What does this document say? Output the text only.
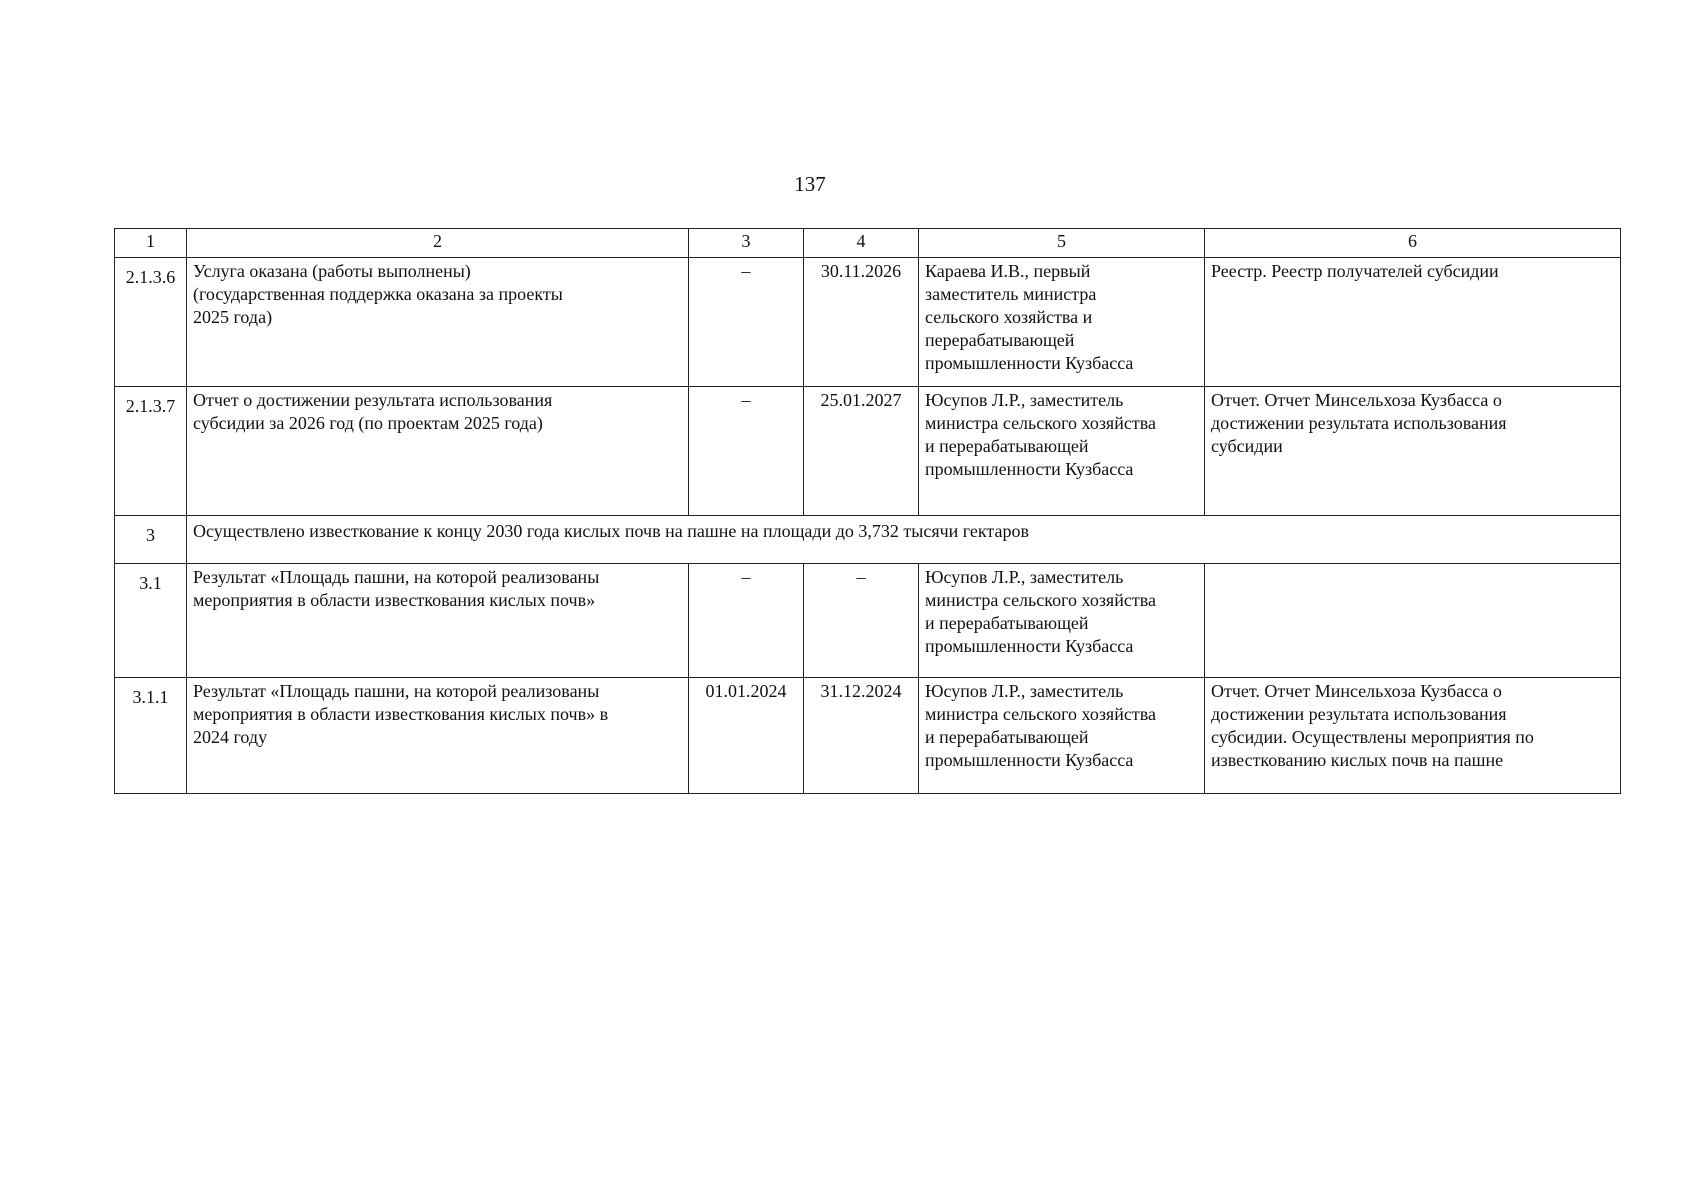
137
1	2	3	4	5	6

2.1.3.6	Услуга оказана (работы выполнены)
(государственная поддержка оказана за проекты
2025 года)	–	30.11.2026	Караева И.В., первый
заместитель министра
сельского хозяйства и
перерабатывающей
промышленности Кузбасса	Реестр. Реестр получателей субсидии

2.1.3.7	Отчет о достижении результата использования
субсидии за 2026 год (по проектам 2025 года)	–	25.01.2027	Юсупов Л.Р., заместитель
министра сельского хозяйства
и перерабатывающей
промышленности Кузбасса	Отчет. Отчет Минсельхоза Кузбасса о
достижении результата использования
субсидии

3	Осуществлено известкование к концу 2030 года кислых почв на пашне на площади до 3,732 тысячи гектаров				

3.1	Результат «Площадь пашни, на которой реализованы
мероприятия в области известкования кислых почв»	–	–	Юсупов Л.Р., заместитель
министра сельского хозяйства
и перерабатывающей
промышленности Кузбасса	

3.1.1	Результат «Площадь пашни, на которой реализованы
мероприятия в области известкования кислых почв» в
2024 году	01.01.2024	31.12.2024	Юсупов Л.Р., заместитель
министра сельского хозяйства
и перерабатывающей
промышленности Кузбасса	Отчет. Отчет Минсельхоза Кузбасса о
достижении результата использования
субсидии. Осуществлены мероприятия по
известкованию кислых почв на пашне
